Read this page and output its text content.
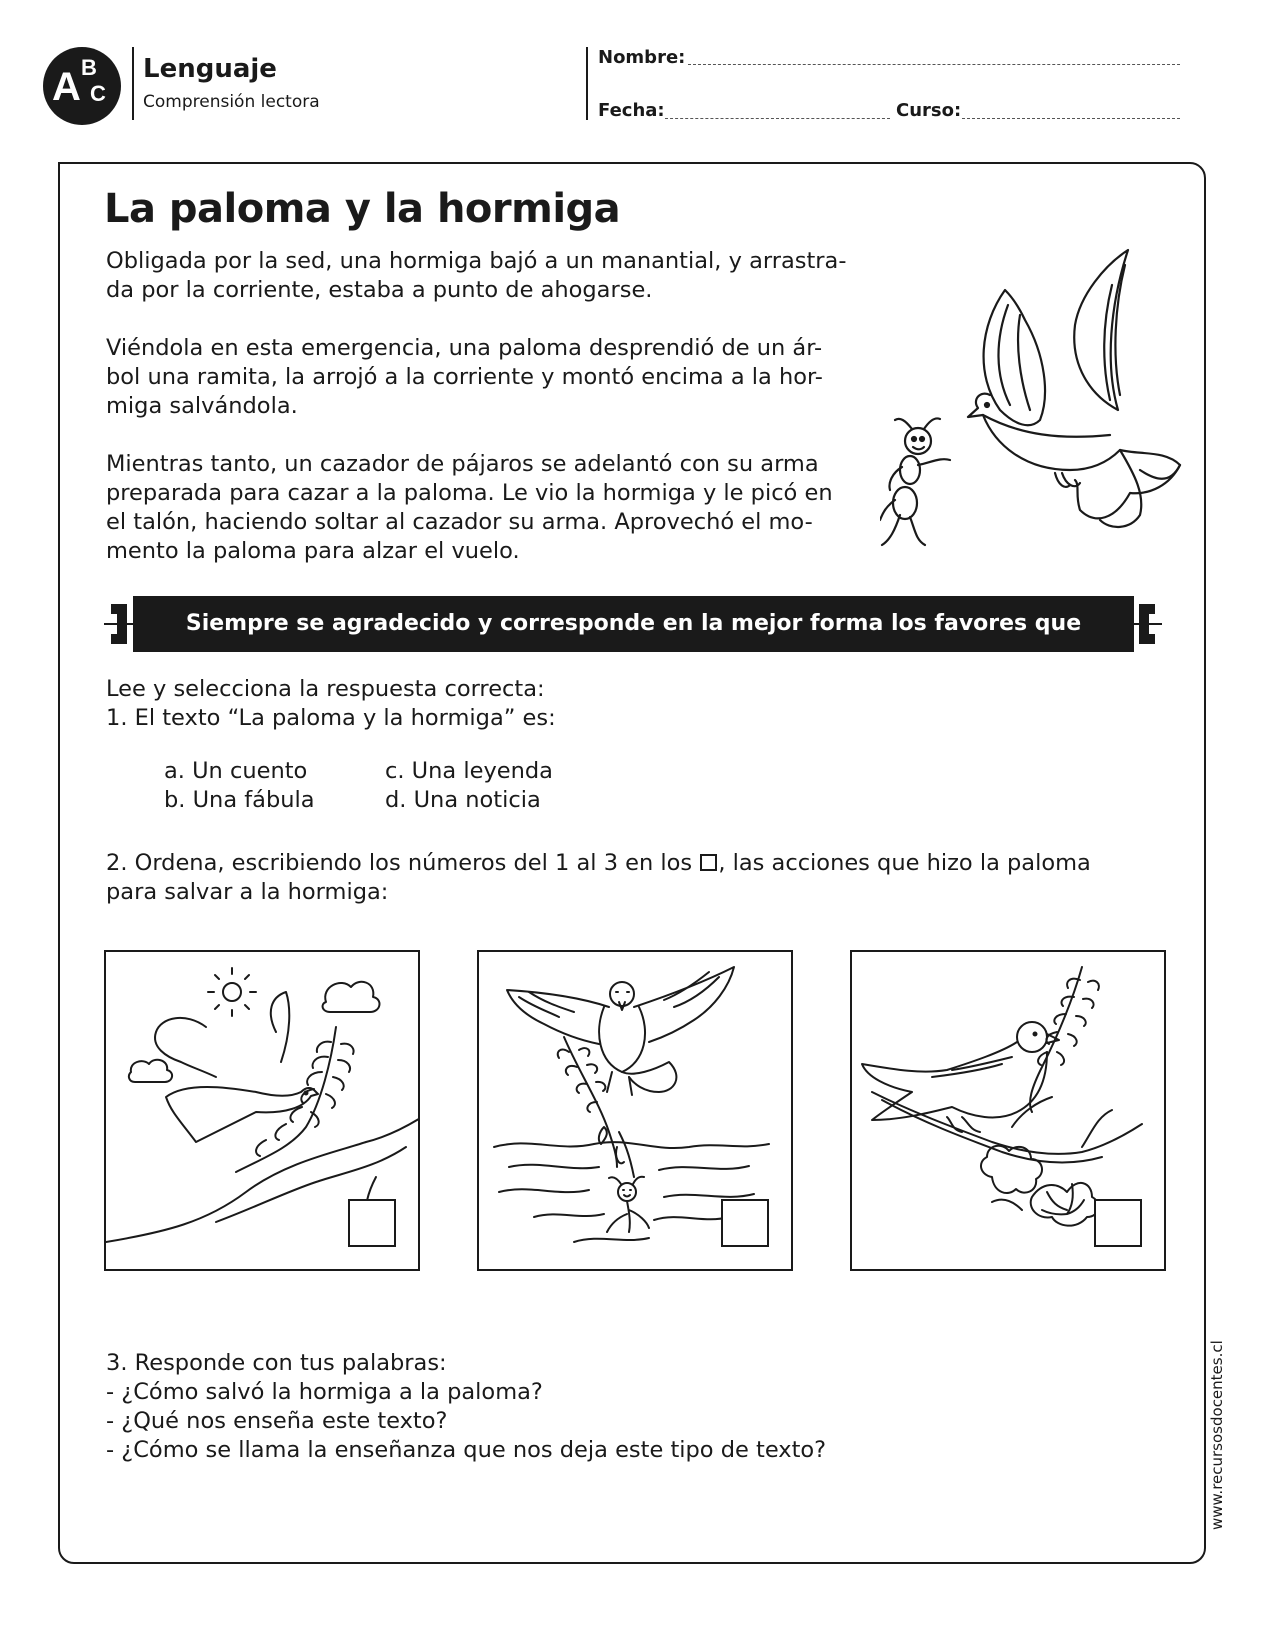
A B
C
Lenguaje
Comprensión lectora
Nombre:
Fecha:	Curso:
La paloma y la hormiga

Obligada por la sed, una hormiga bajó a un manantial, y arrastra-
da por la corriente, estaba a punto de ahogarse.

Viéndola en esta emergencia, una paloma desprendió de un ár-
bol una ramita, la arrojó a la corriente y montó encima a la hor-
miga salvándola.

Mientras tanto, un cazador de pájaros se adelantó con su arma
preparada para cazar a la paloma. Le vio la hormiga y le picó en
el talón, haciendo soltar al cazador su arma. Aprovechó el mo-
mento la paloma para alzar el vuelo.

Siempre se agradecido y corresponde en la mejor forma los favores que recibas.

Lee y selecciona la respuesta correcta:

1. El texto “La paloma y la hormiga” es:

a. Un cuento
b. Una fábula
c. Una leyenda
d. Una noticia

2. Ordena, escribiendo los números del 1 al 3 en los , las acciones que hizo la paloma

para salvar a la hormiga:

3. Responde con tus palabras:

- ¿Cómo salvó la hormiga a la paloma?

- ¿Qué nos enseña este texto?

- ¿Cómo se llama la enseñanza que nos deja este tipo de texto?	www.recursosdocentes.cl
